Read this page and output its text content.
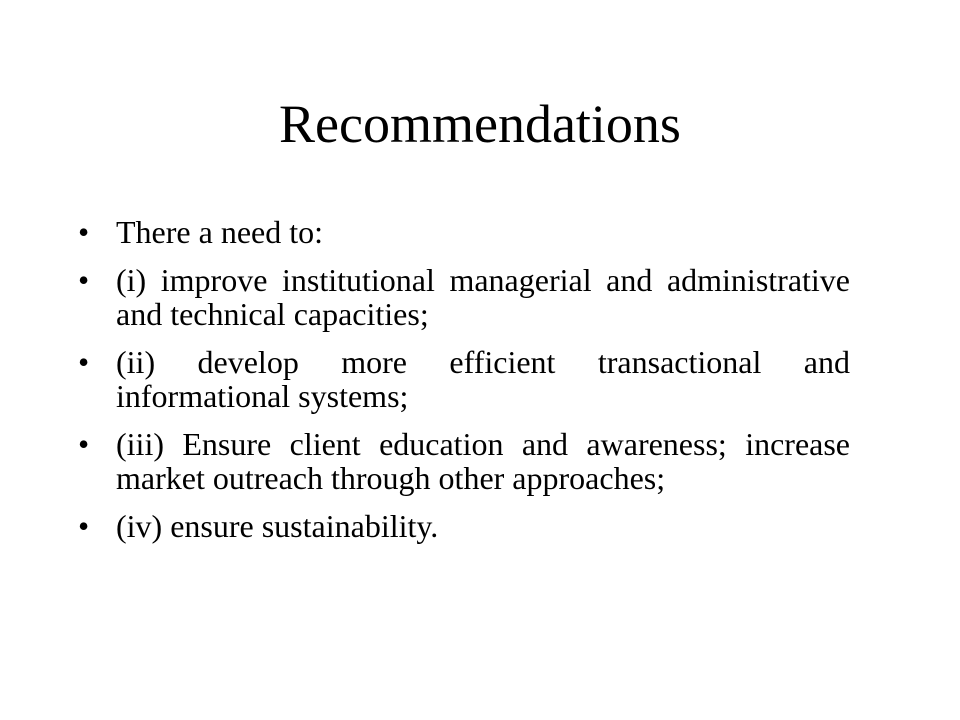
Recommendations
• There a need to:
• (i) improve institutional managerial and administrative and technical capacities;
• (ii) develop more efficient transactional and informational systems;
• (iii) Ensure client education and awareness; increase market outreach through other approaches;
• (iv) ensure sustainability.
